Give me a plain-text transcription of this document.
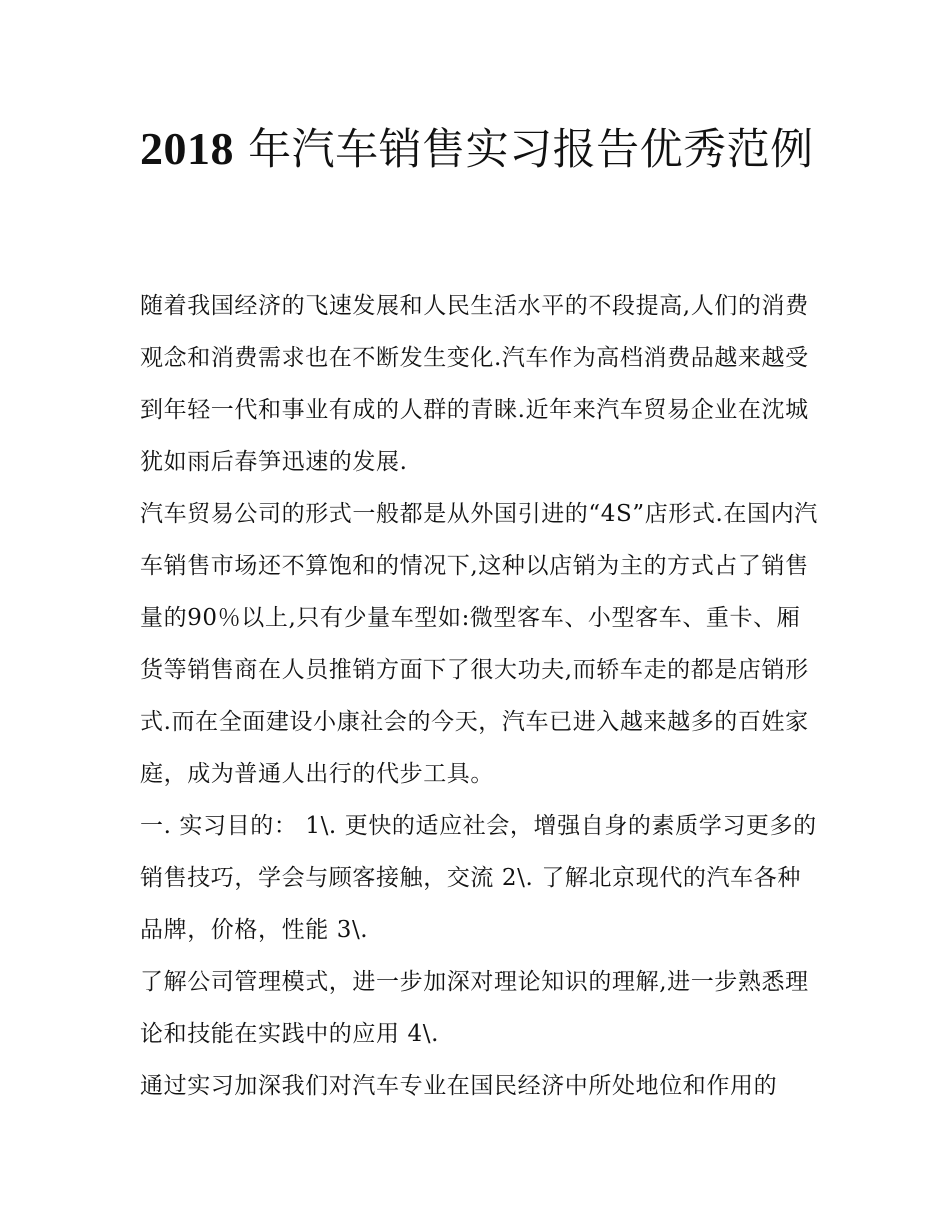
2018 年汽车销售实习报告优秀范例

随着我国经济的飞速发展和人民生活水平的不段提高,人们的消费观念和消费需求也在不断发生变化.汽车作为高档消费品越来越受到年轻一代和事业有成的人群的青睐.近年来汽车贸易企业在沈城犹如雨后春笋迅速的发展.

汽车贸易公司的形式一般都是从外国引进的“4S”店形式.在国内汽车销售市场还不算饱和的情况下,这种以店销为主的方式占了销售量的90％以上,只有少量车型如:微型客车、小型客车、重卡、厢货等销售商在人员推销方面下了很大功夫,而轿车走的都是店销形式.而在全面建设小康社会的今天，汽车已进入越来越多的百姓家庭，成为普通人出行的代步工具。

一. 实习目的： 1\. 更快的适应社会，增强自身的素质学习更多的销售技巧，学会与顾客接触，交流 2\. 了解北京现代的汽车各种品牌，价格，性能 3\.

了解公司管理模式，进一步加深对理论知识的理解,进一步熟悉理论和技能在实践中的应用 4\.

通过实习加深我们对汽车专业在国民经济中所处地位和作用的
